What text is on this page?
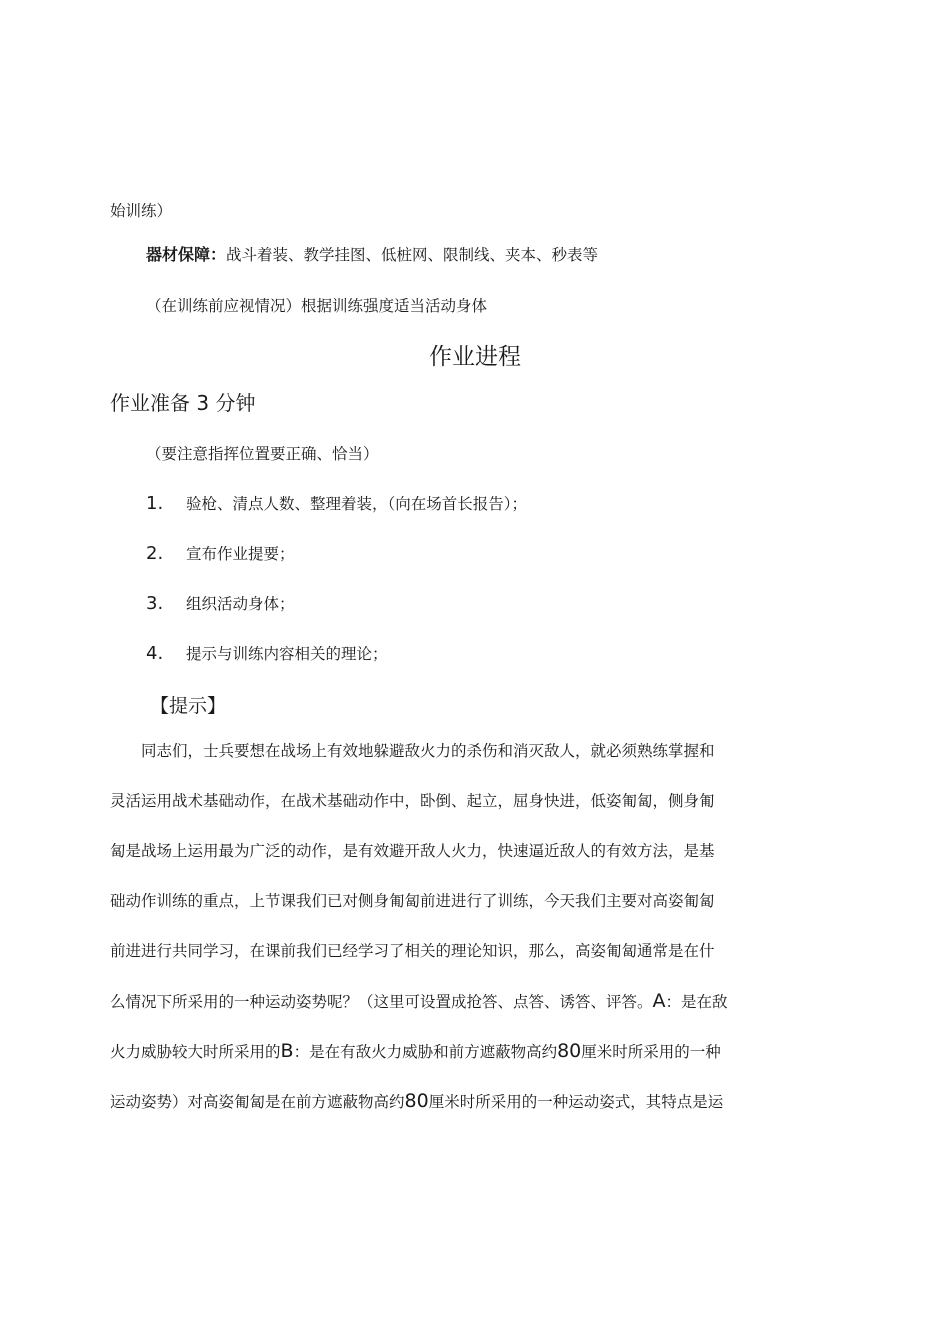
始训练）
器材保障：战斗着装、教学挂图、低桩网、限制线、夹本、秒表等
（在训练前应视情况）根据训练强度适当活动身体
作业进程
作业准备 3 分钟
（要注意指挥位置要正确、恰当）
1. 验枪、清点人数、整理着装，（向在场首长报告）；
2. 宣布作业提要；
3. 组织活动身体；
4. 提示与训练内容相关的理论；
【提示】
　　同志们，士兵要想在战场上有效地躲避敌火力的杀伤和消灭敌人，就必须熟练掌握和
灵活运用战术基础动作，在战术基础动作中，卧倒、起立，屈身快进，低姿匍匐，侧身匍
匐是战场上运用最为广泛的动作，是有效避开敌人火力，快速逼近敌人的有效方法，是基
础动作训练的重点，上节课我们已对侧身匍匐前进进行了训练，今天我们主要对高姿匍匐
前进进行共同学习，在课前我们已经学习了相关的理论知识，那么，高姿匍匐通常是在什
么情况下所采用的一种运动姿势呢？（这里可设置成抢答、点答、诱答、评答。A：是在敌
火力威胁较大时所采用的B：是在有敌火力威胁和前方遮蔽物高约80厘米时所采用的一种
运动姿势）对高姿匍匐是在前方遮蔽物高约80厘米时所采用的一种运动姿式，其特点是运
